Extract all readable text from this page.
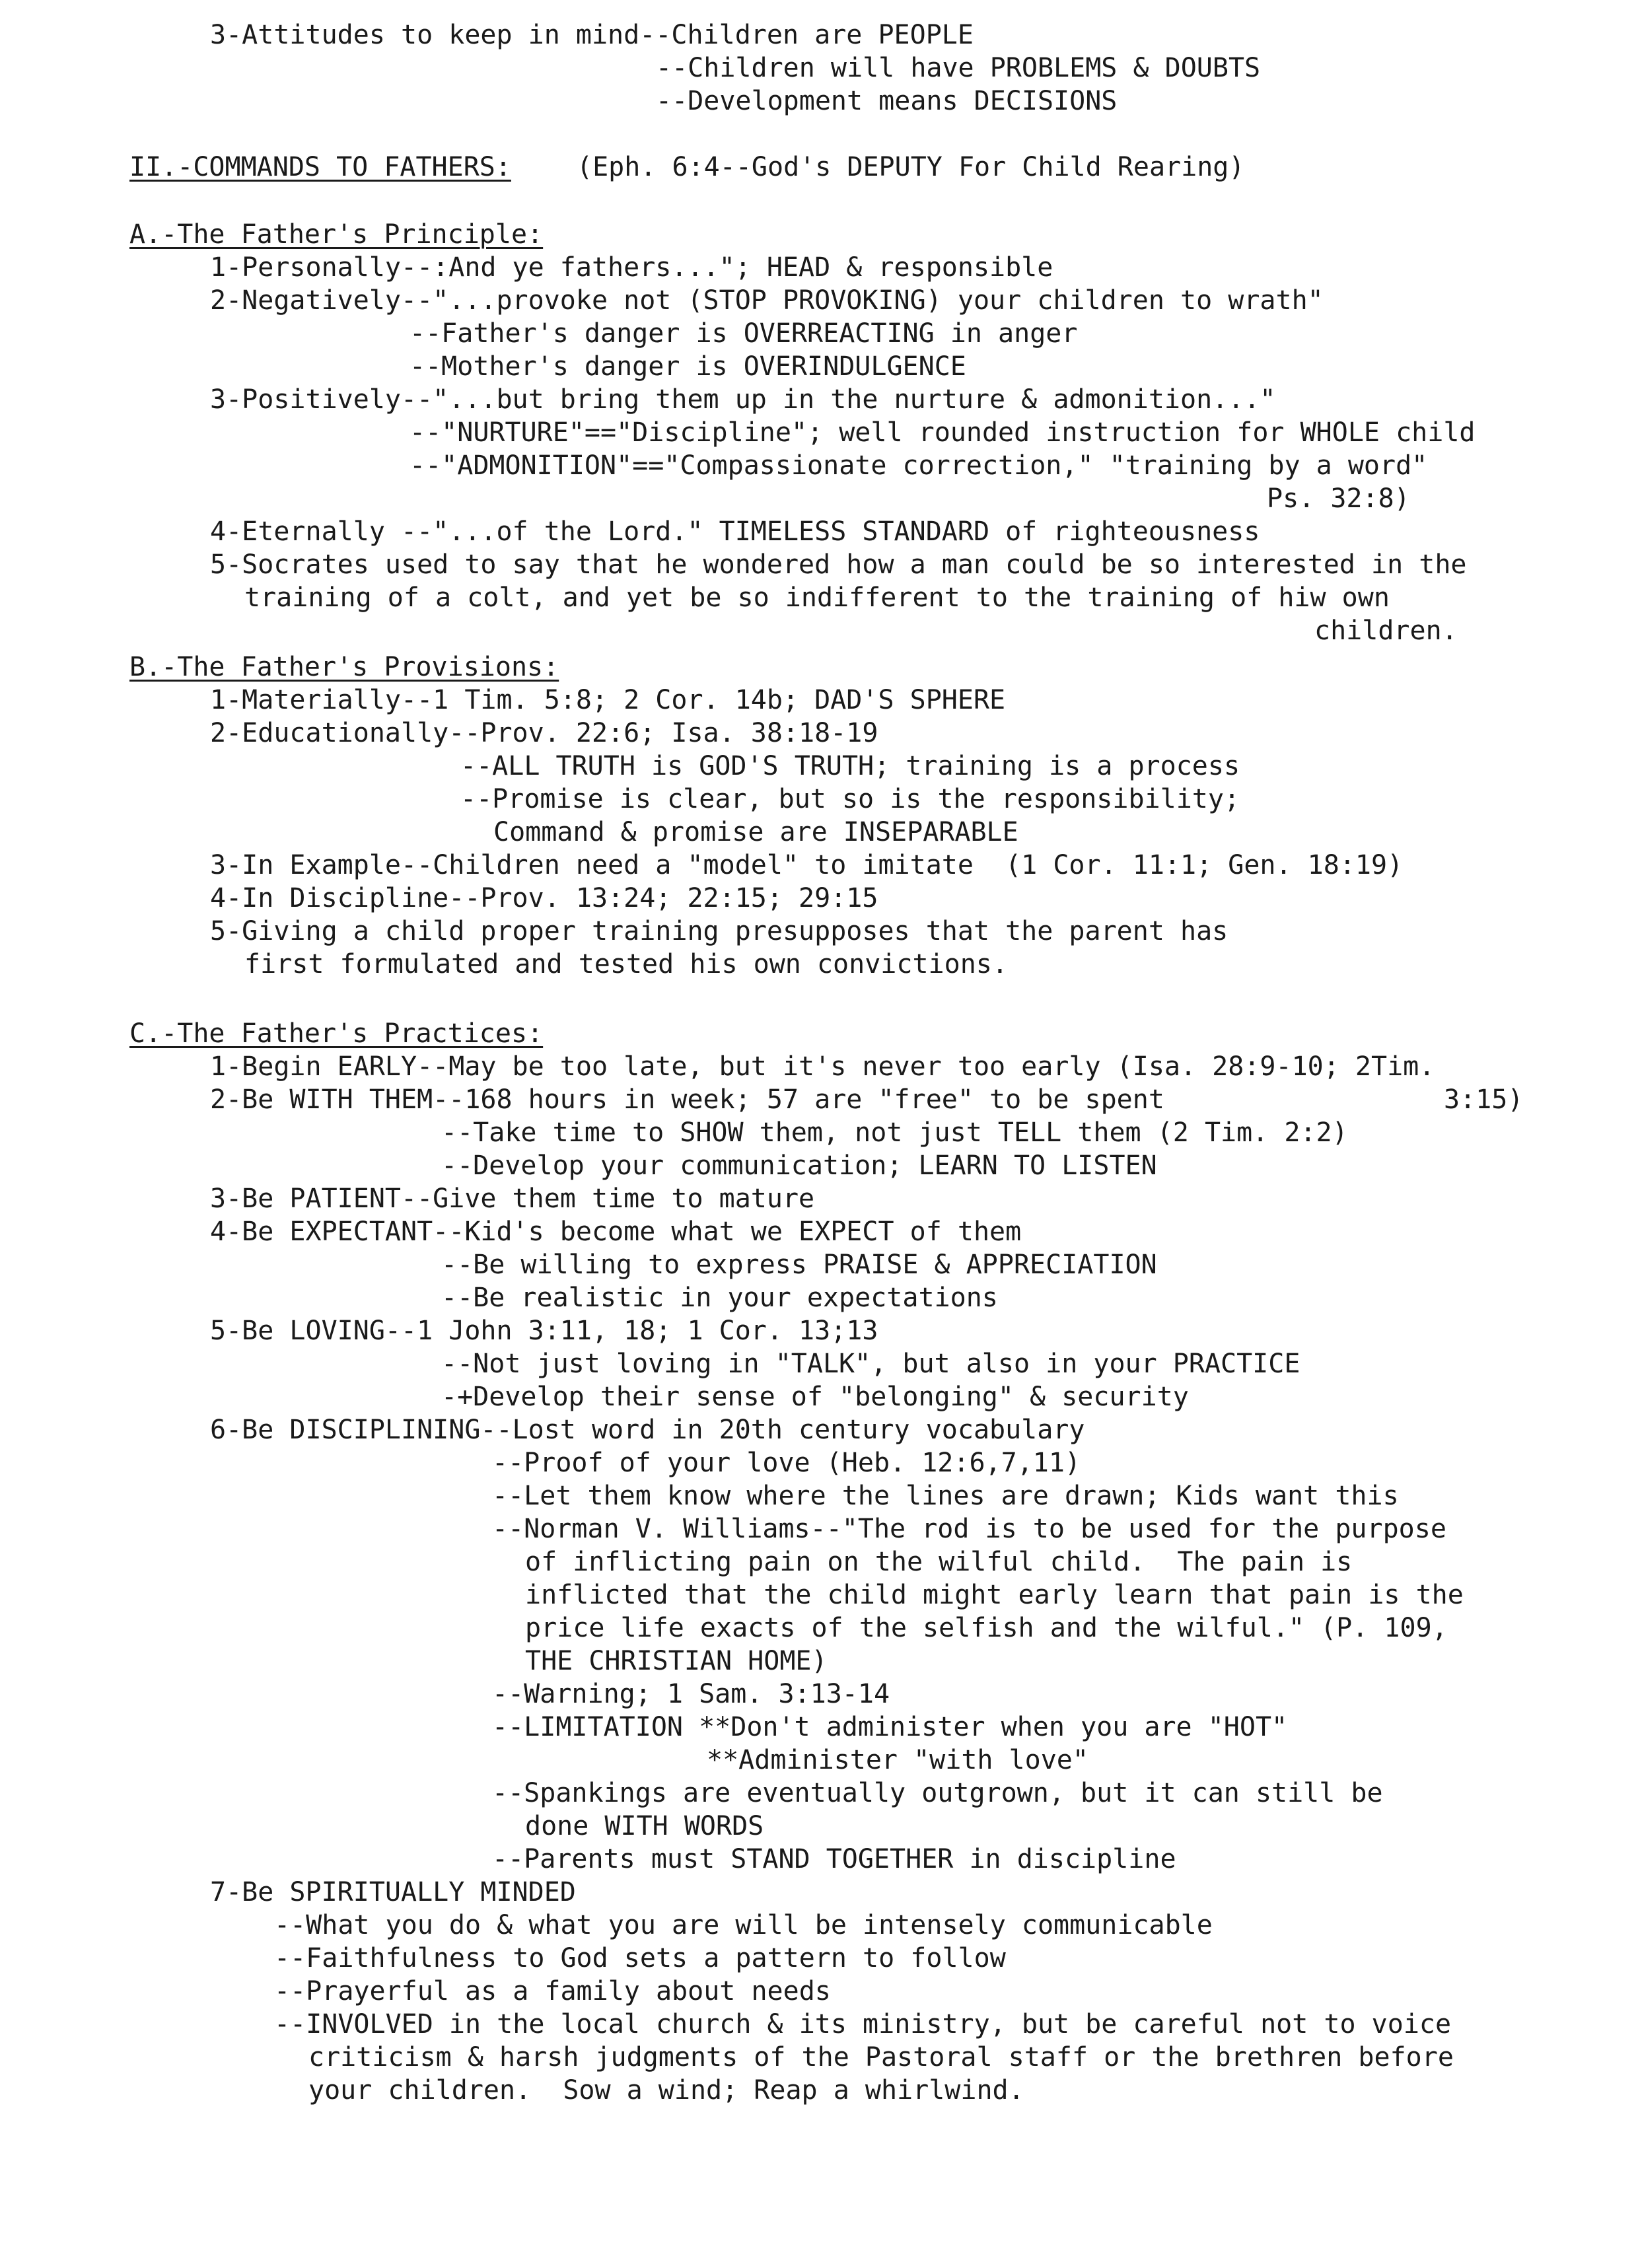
3-Attitudes to keep in mind--Children are PEOPLE
--Children will have PROBLEMS & DOUBTS
--Development means DECISIONS
II.-COMMANDS TO FATHERS: (Eph. 6:4--God's DEPUTY For Child Rearing)
A.-The Father's Principle:
1-Personally--:And ye fathers..."; HEAD & responsible
2-Negatively--"...provoke not (STOP PROVOKING) your children to wrath"
--Father's danger is OVERREACTING in anger
--Mother's danger is OVERINDULGENCE
3-Positively--"...but bring them up in the nurture & admonition..."
--"NURTURE"=="Discipline"; well rounded instruction for WHOLE child
--"ADMONITION"=="Compassionate correction," "training by a word"
Ps. 32:8)
4-Eternally --"...of the Lord." TIMELESS STANDARD of righteousness
5-Socrates used to say that he wondered how a man could be so interested in the
training of a colt, and yet be so indifferent to the training of hiw own
children.
B.-The Father's Provisions:
1-Materially--1 Tim. 5:8; 2 Cor. 14b; DAD'S SPHERE
2-Educationally--Prov. 22:6; Isa. 38:18-19
--ALL TRUTH is GOD'S TRUTH; training is a process
--Promise is clear, but so is the responsibility;
Command & promise are INSEPARABLE
3-In Example--Children need a "model" to imitate  (1 Cor. 11:1; Gen. 18:19)
4-In Discipline--Prov. 13:24; 22:15; 29:15
5-Giving a child proper training presupposes that the parent has
first formulated and tested his own convictions.
C.-The Father's Practices:
1-Begin EARLY--May be too late, but it's never too early (Isa. 28:9-10; 2Tim.
2-Be WITH THEM--168 hours in week; 57 are "free" to be spent	3:15)
--Take time to SHOW them, not just TELL them (2 Tim. 2:2)
--Develop your communication; LEARN TO LISTEN
3-Be PATIENT--Give them time to mature
4-Be EXPECTANT--Kid's become what we EXPECT of them
--Be willing to express PRAISE & APPRECIATION
--Be realistic in your expectations
5-Be LOVING--1 John 3:11, 18; 1 Cor. 13;13
--Not just loving in "TALK", but also in your PRACTICE
-+Develop their sense of "belonging" & security
6-Be DISCIPLINING--Lost word in 20th century vocabulary
--Proof of your love (Heb. 12:6,7,11)
--Let them know where the lines are drawn; Kids want this
--Norman V. Williams--"The rod is to be used for the purpose
of inflicting pain on the wilful child.  The pain is
inflicted that the child might early learn that pain is the
price life exacts of the selfish and the wilful." (P. 109,
THE CHRISTIAN HOME)
--Warning; 1 Sam. 3:13-14
--LIMITATION **Don't administer when you are "HOT"
**Administer "with love"
--Spankings are eventually outgrown, but it can still be
done WITH WORDS
--Parents must STAND TOGETHER in discipline
7-Be SPIRITUALLY MINDED
--What you do & what you are will be intensely communicable
--Faithfulness to God sets a pattern to follow
--Prayerful as a family about needs
--INVOLVED in the local church & its ministry, but be careful not to voice
criticism & harsh judgments of the Pastoral staff or the brethren before
your children.  Sow a wind; Reap a whirlwind.
